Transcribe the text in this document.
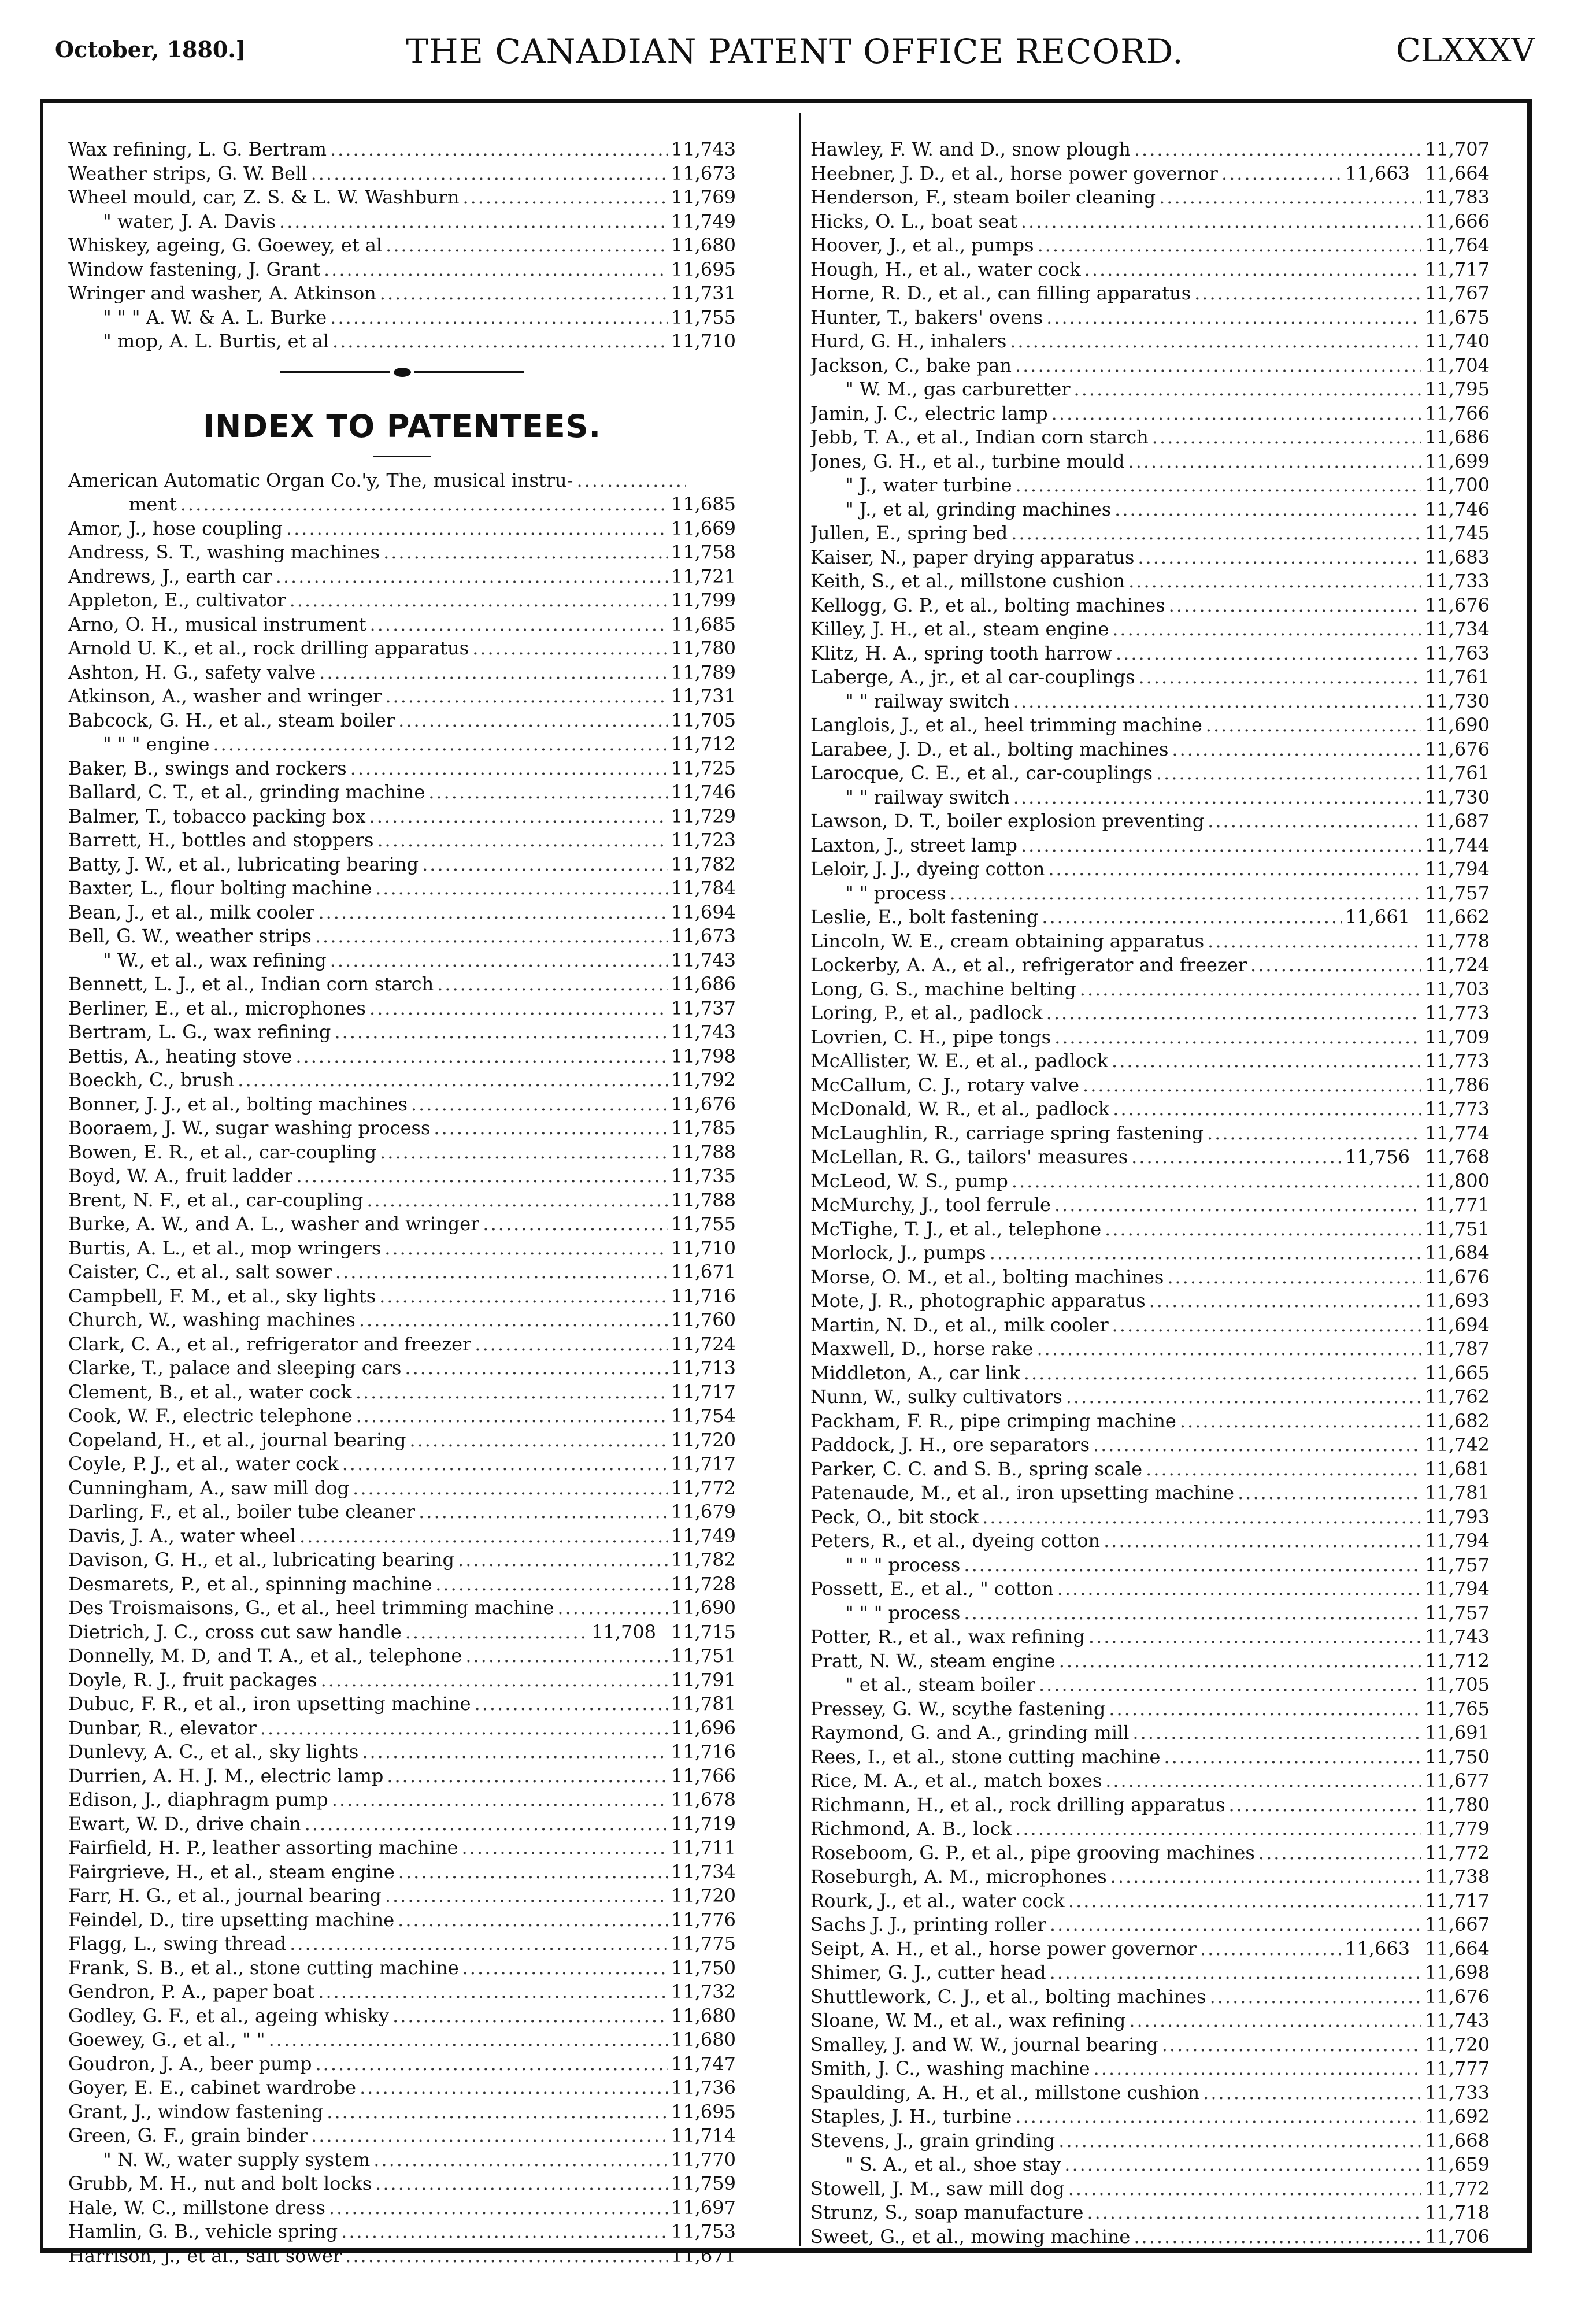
October, 1880.]	THE CANADIAN PATENT OFFICE RECORD.	CLXXXV
Wax refining, L. G. Bertram .....	11,743
Weather strips, G. W. Bell .....	11,673
Wheel mould, car, Z. S. & L. W. Washburn .....	11,769
" water, J. A. Davis .....	11,749
Whiskey, ageing, G. Goewey, et al .....	11,680
Window fastening, J. Grant .....	11,695
Wringer and washer, A. Atkinson .....	11,731
" " " A. W. & A. L. Burke .....	11,755
" mop, A. L. Burtis, et al .....	11,710
INDEX TO PATENTEES.
American Automatic Organ Co.'y, The, musical instru-
.....
ment .....	11,685
Amor, J., hose coupling .....	11,669
Andress, S. T., washing machines .....	11,758
Andrews, J., earth car .....	11,721
Appleton, E., cultivator .....	11,799
Arno, O. H., musical instrument .....	11,685
Arnold U. K., et al., rock drilling apparatus .....	11,780
Ashton, H. G., safety valve .....	11,789
Atkinson, A., washer and wringer .....	11,731
Babcock, G. H., et al., steam boiler .....	11,705
" " " engine .....	11,712
Baker, B., swings and rockers .....	11,725
Ballard, C. T., et al., grinding machine .....	11,746
Balmer, T., tobacco packing box .....	11,729
Barrett, H., bottles and stoppers .....	11,723
Batty, J. W., et al., lubricating bearing .....	11,782
Baxter, L., flour bolting machine .....	11,784
Bean, J., et al., milk cooler .....	11,694
Bell, G. W., weather strips .....	11,673
" W., et al., wax refining .....	11,743
Bennett, L. J., et al., Indian corn starch .....	11,686
Berliner, E., et al., microphones .....	11,737
Bertram, L. G., wax refining .....	11,743
Bettis, A., heating stove .....	11,798
Boeckh, C., brush .....	11,792
Bonner, J. J., et al., bolting machines .....	11,676
Booraem, J. W., sugar washing process .....	11,785
Bowen, E. R., et al., car-coupling .....	11,788
Boyd, W. A., fruit ladder .....	11,735
Brent, N. F., et al., car-coupling .....	11,788
Burke, A. W., and A. L., washer and wringer .....	11,755
Burtis, A. L., et al., mop wringers .....	11,710
Caister, C., et al., salt sower .....	11,671
Campbell, F. M., et al., sky lights .....	11,716
Church, W., washing machines .....	11,760
Clark, C. A., et al., refrigerator and freezer .....	11,724
Clarke, T., palace and sleeping cars .....	11,713
Clement, B., et al., water cock .....	11,717
Cook, W. F., electric telephone .....	11,754
Copeland, H., et al., journal bearing .....	11,720
Coyle, P. J., et al., water cock .....	11,717
Cunningham, A., saw mill dog .....	11,772
Darling, F., et al., boiler tube cleaner .....	11,679
Davis, J. A., water wheel .....	11,749
Davison, G. H., et al., lubricating bearing .....	11,782
Desmarets, P., et al., spinning machine .....	11,728
Des Troismaisons, G., et al., heel trimming machine .....	11,690
Dietrich, J. C., cross cut saw handle .....	11,708 11,715
Donnelly, M. D, and T. A., et al., telephone .....	11,751
Doyle, R. J., fruit packages .....	11,791
Dubuc, F. R., et al., iron upsetting machine .....	11,781
Dunbar, R., elevator .....	11,696
Dunlevy, A. C., et al., sky lights .....	11,716
Durrien, A. H. J. M., electric lamp .....	11,766
Edison, J., diaphragm pump .....	11,678
Ewart, W. D., drive chain .....	11,719
Fairfield, H. P., leather assorting machine .....	11,711
Fairgrieve, H., et al., steam engine .....	11,734
Farr, H. G., et al., journal bearing .....	11,720
Feindel, D., tire upsetting machine .....	11,776
Flagg, L., swing thread .....	11,775
Frank, S. B., et al., stone cutting machine .....	11,750
Gendron, P. A., paper boat .....	11,732
Godley, G. F., et al., ageing whisky .....	11,680
Goewey, G., et al., " " .....	11,680
Goudron, J. A., beer pump .....	11,747
Goyer, E. E., cabinet wardrobe .....	11,736
Grant, J., window fastening .....	11,695
Green, G. F., grain binder .....	11,714
" N. W., water supply system .....	11,770
Grubb, M. H., nut and bolt locks .....	11,759
Hale, W. C., millstone dress .....	11,697
Hamlin, G. B., vehicle spring .....	11,753
Harrison, J., et al., salt sower .....	11,671
Hawley, F. W. and D., snow plough .....	11,707
Heebner, J. D., et al., horse power governor .....	11,663 11,664
Henderson, F., steam boiler cleaning .....	11,783
Hicks, O. L., boat seat .....	11,666
Hoover, J., et al., pumps .....	11,764
Hough, H., et al., water cock .....	11,717
Horne, R. D., et al., can filling apparatus .....	11,767
Hunter, T., bakers' ovens .....	11,675
Hurd, G. H., inhalers .....	11,740
Jackson, C., bake pan .....	11,704
" W. M., gas carburetter .....	11,795
Jamin, J. C., electric lamp .....	11,766
Jebb, T. A., et al., Indian corn starch .....	11,686
Jones, G. H., et al., turbine mould .....	11,699
" J., water turbine .....	11,700
" J., et al, grinding machines .....	11,746
Jullen, E., spring bed .....	11,745
Kaiser, N., paper drying apparatus .....	11,683
Keith, S., et al., millstone cushion .....	11,733
Kellogg, G. P., et al., bolting machines .....	11,676
Killey, J. H., et al., steam engine .....	11,734
Klitz, H. A., spring tooth harrow .....	11,763
Laberge, A., jr., et al car-couplings .....	11,761
" " railway switch .....	11,730
Langlois, J., et al., heel trimming machine .....	11,690
Larabee, J. D., et al., bolting machines .....	11,676
Larocque, C. E., et al., car-couplings .....	11,761
" " railway switch .....	11,730
Lawson, D. T., boiler explosion preventing .....	11,687
Laxton, J., street lamp .....	11,744
Leloir, J. J., dyeing cotton .....	11,794
" " process .....	11,757
Leslie, E., bolt fastening .....	11,661 11,662
Lincoln, W. E., cream obtaining apparatus .....	11,778
Lockerby, A. A., et al., refrigerator and freezer .....	11,724
Long, G. S., machine belting .....	11,703
Loring, P., et al., padlock .....	11,773
Lovrien, C. H., pipe tongs .....	11,709
McAllister, W. E., et al., padlock .....	11,773
McCallum, C. J., rotary valve .....	11,786
McDonald, W. R., et al., padlock .....	11,773
McLaughlin, R., carriage spring fastening .....	11,774
McLellan, R. G., tailors' measures .....	11,756 11,768
McLeod, W. S., pump .....	11,800
McMurchy, J., tool ferrule .....	11,771
McTighe, T. J., et al., telephone .....	11,751
Morlock, J., pumps .....	11,684
Morse, O. M., et al., bolting machines .....	11,676
Mote, J. R., photographic apparatus .....	11,693
Martin, N. D., et al., milk cooler .....	11,694
Maxwell, D., horse rake .....	11,787
Middleton, A., car link .....	11,665
Nunn, W., sulky cultivators .....	11,762
Packham, F. R., pipe crimping machine .....	11,682
Paddock, J. H., ore separators .....	11,742
Parker, C. C. and S. B., spring scale .....	11,681
Patenaude, M., et al., iron upsetting machine .....	11,781
Peck, O., bit stock .....	11,793
Peters, R., et al., dyeing cotton .....	11,794
" " " process .....	11,757
Possett, E., et al., " cotton .....	11,794
" " " process .....	11,757
Potter, R., et al., wax refining .....	11,743
Pratt, N. W., steam engine .....	11,712
" et al., steam boiler .....	11,705
Pressey, G. W., scythe fastening .....	11,765
Raymond, G. and A., grinding mill .....	11,691
Rees, I., et al., stone cutting machine .....	11,750
Rice, M. A., et al., match boxes .....	11,677
Richmann, H., et al., rock drilling apparatus .....	11,780
Richmond, A. B., lock .....	11,779
Roseboom, G. P., et al., pipe grooving machines .....	11,772
Roseburgh, A. M., microphones .....	11,738
Rourk, J., et al., water cock .....	11,717
Sachs J. J., printing roller .....	11,667
Seipt, A. H., et al., horse power governor .....	11,663 11,664
Shimer, G. J., cutter head .....	11,698
Shuttlework, C. J., et al., bolting machines .....	11,676
Sloane, W. M., et al., wax refining .....	11,743
Smalley, J. and W. W., journal bearing .....	11,720
Smith, J. C., washing machine .....	11,777
Spaulding, A. H., et al., millstone cushion .....	11,733
Staples, J. H., turbine .....	11,692
Stevens, J., grain grinding .....	11,668
" S. A., et al., shoe stay .....	11,659
Stowell, J. M., saw mill dog .....	11,772
Strunz, S., soap manufacture .....	11,718
Sweet, G., et al., mowing machine .....	11,706
